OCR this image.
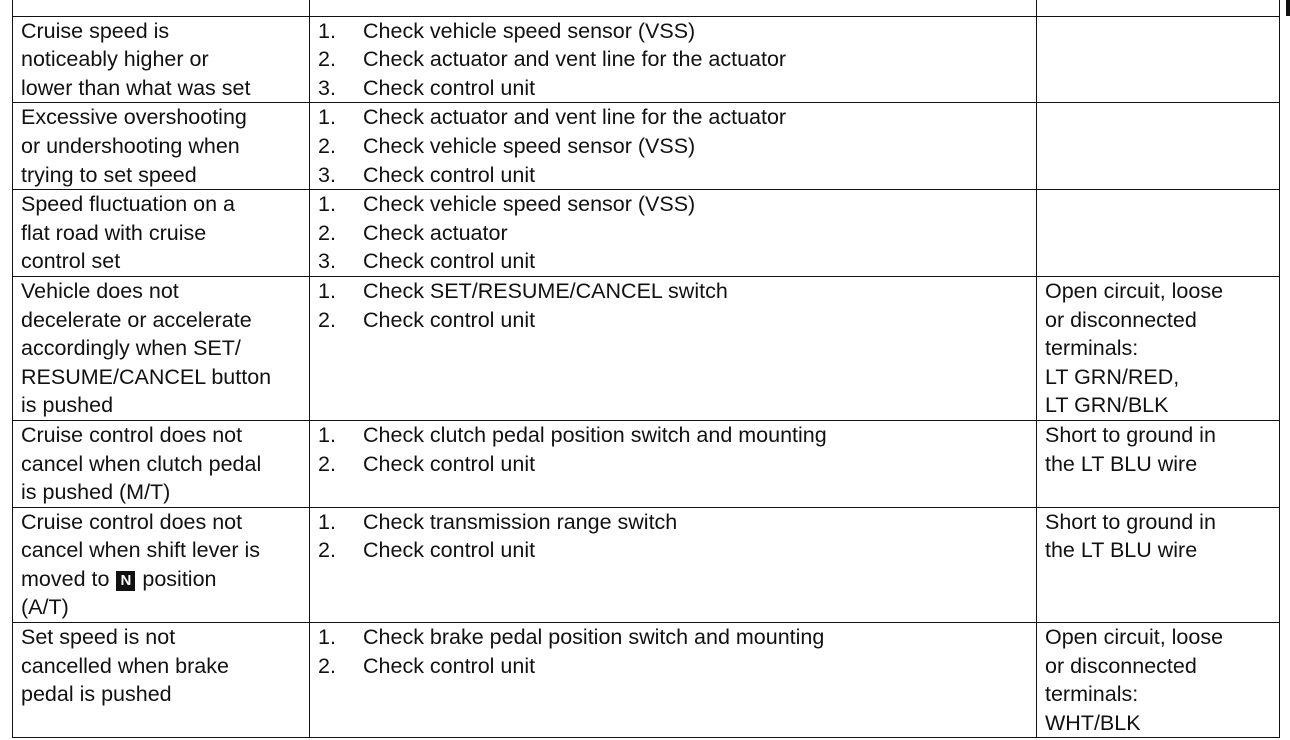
Cruise speed is
noticeably higher or
lower than what was set	1. Check vehicle speed sensor (VSS)
2. Check actuator and vent line for the actuator
3. Check control unit	

Excessive overshooting
or undershooting when
trying to set speed	1. Check actuator and vent line for the actuator
2. Check vehicle speed sensor (VSS)
3. Check control unit	

Speed fluctuation on a
flat road with cruise
control set	1. Check vehicle speed sensor (VSS)
2. Check actuator
3. Check control unit	

Vehicle does not
decelerate or accelerate
accordingly when SET/
RESUME/CANCEL button
is pushed	1. Check SET/RESUME/CANCEL switch
2. Check control unit	Open circuit, loose
or disconnected
terminals:
LT GRN/RED,
LT GRN/BLK

Cruise control does not
cancel when clutch pedal
is pushed (M/T)	1. Check clutch pedal position switch and mounting
2. Check control unit	Short to ground in
the LT BLU wire

Cruise control does not
cancel when shift lever is
moved to N position
(A/T)	1. Check transmission range switch
2. Check control unit	Short to ground in
the LT BLU wire

Set speed is not
cancelled when brake
pedal is pushed	1. Check brake pedal position switch and mounting
2. Check control unit	Open circuit, loose
or disconnected
terminals:
WHT/BLK
